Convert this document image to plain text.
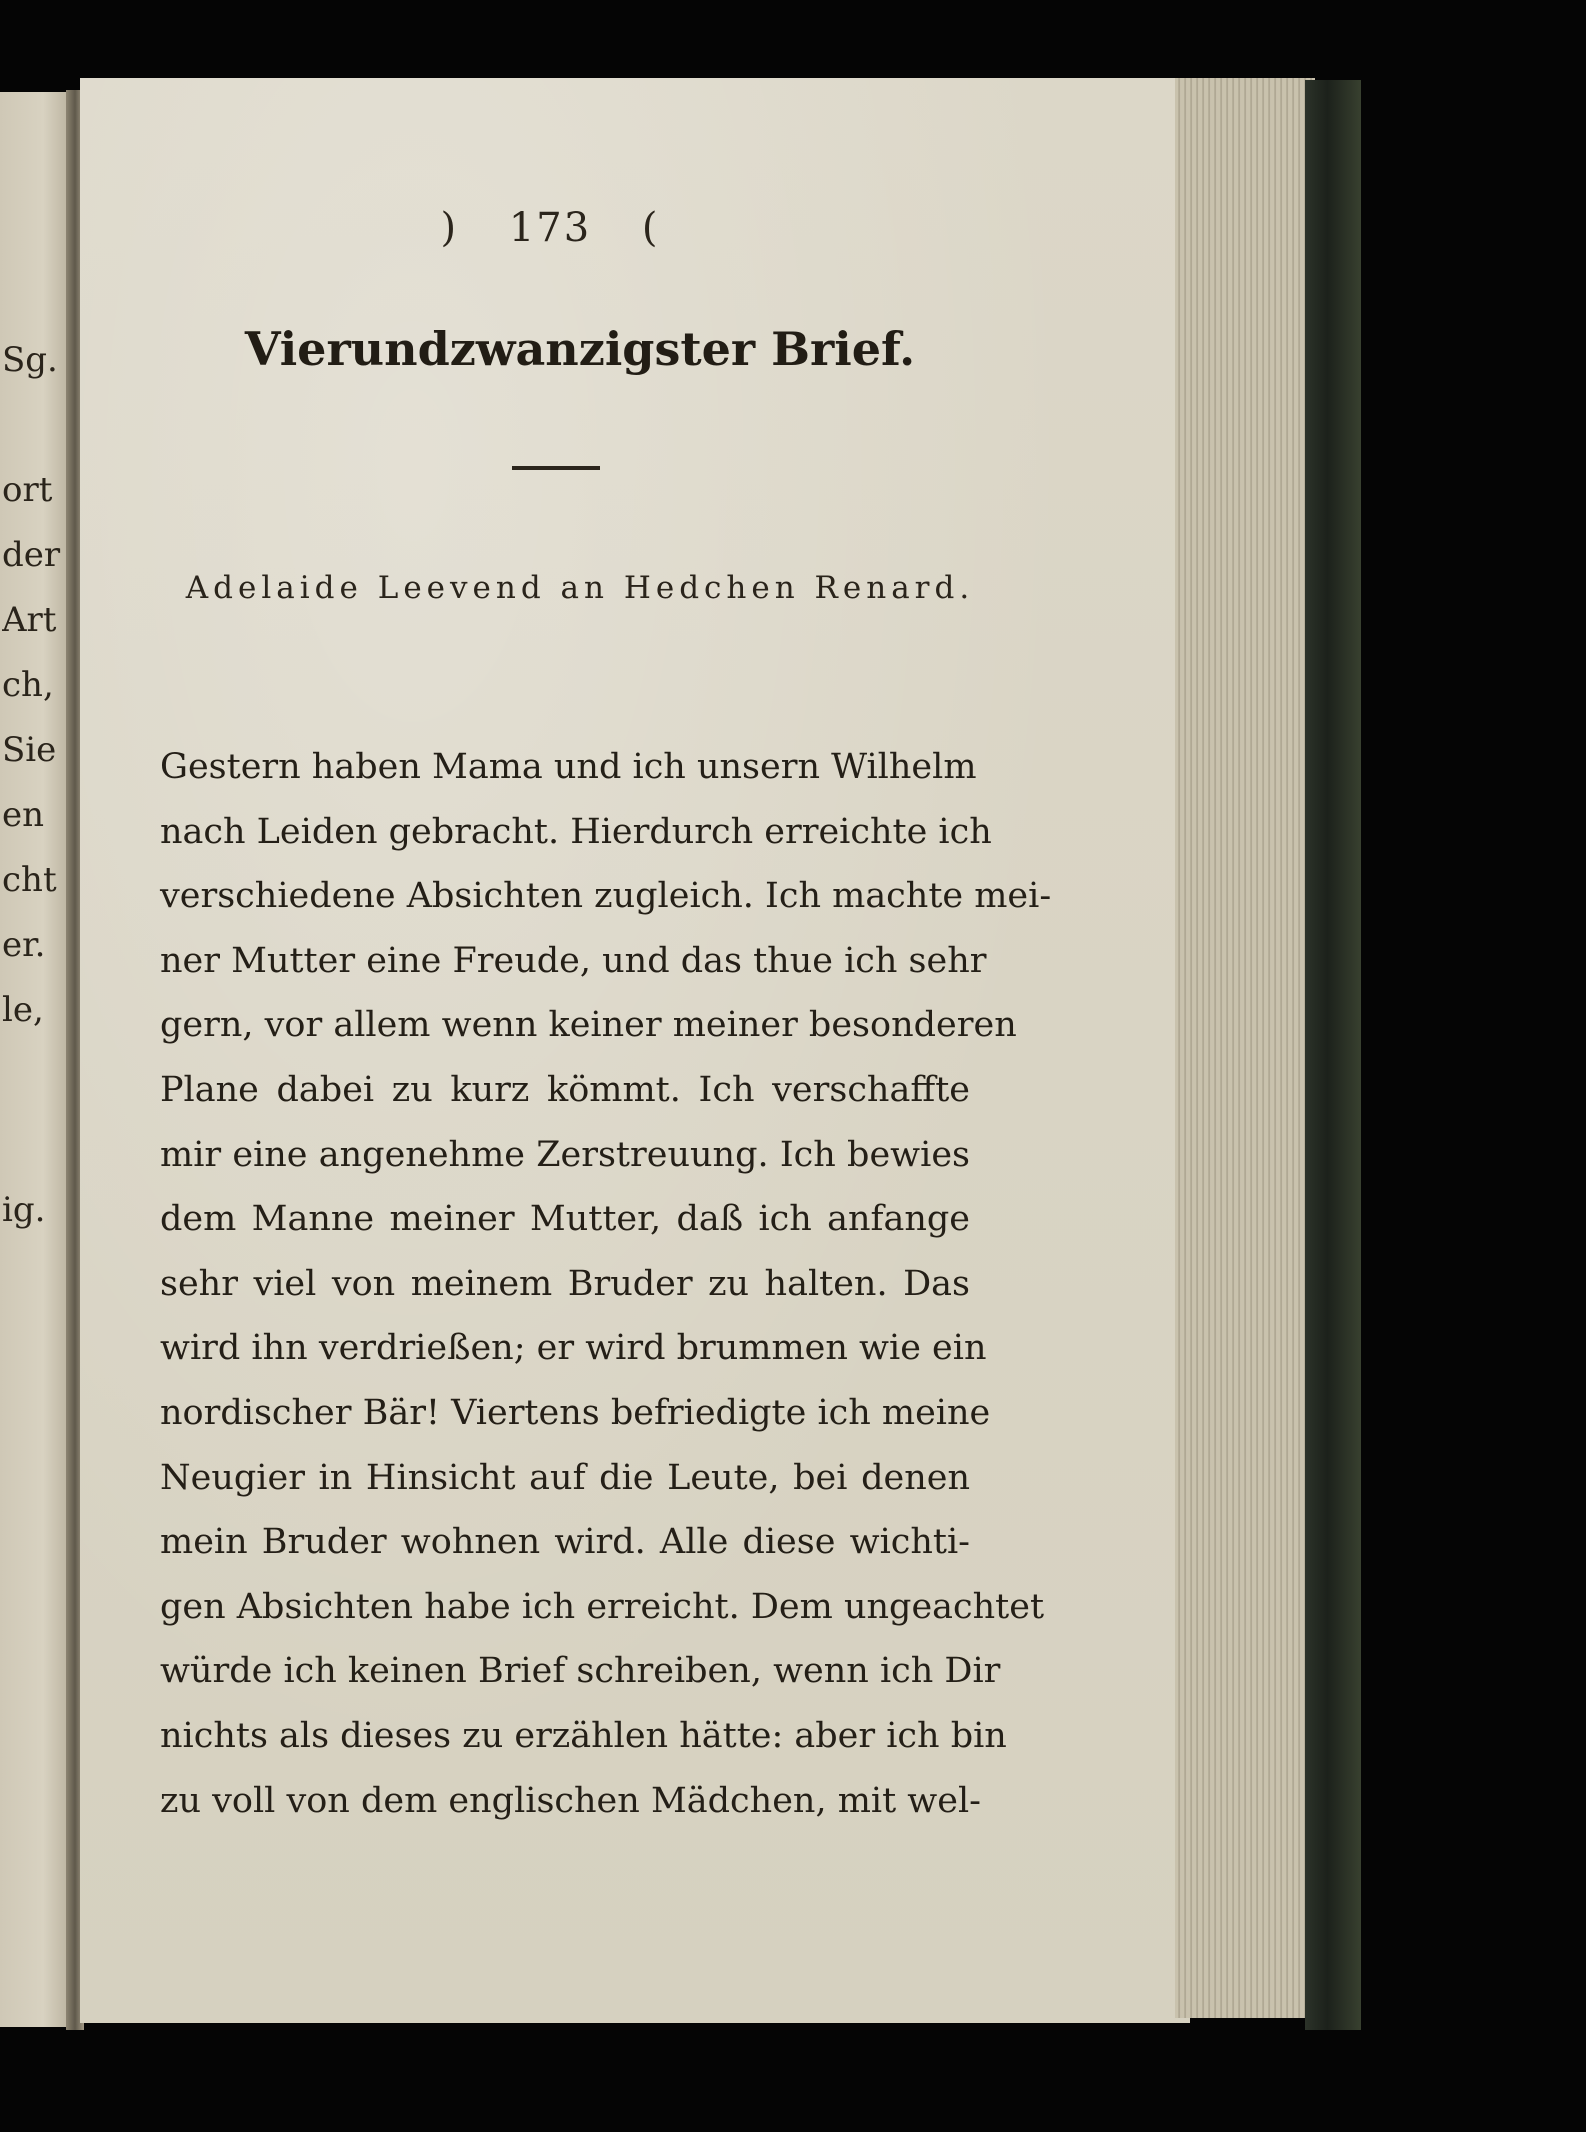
Sg.
ort
der
Art
ch,
Sie
en
cht
er.
le,
ig.
) 173 (
Vierundzwanzigster Brief.
Adelaide Leevend an Hedchen Renard.
Gestern haben Mama und ich unsern Wilhelm
nach Leiden gebracht. Hierdurch erreichte ich
verschiedene Absichten zugleich. Ich machte mei-
ner Mutter eine Freude, und das thue ich sehr
gern, vor allem wenn keiner meiner besonderen
Plane dabei zu kurz kömmt. Ich verschaffte
mir eine angenehme Zerstreuung. Ich bewies
dem Manne meiner Mutter, daß ich anfange
sehr viel von meinem Bruder zu halten. Das
wird ihn verdrießen; er wird brummen wie ein
nordischer Bär! Viertens befriedigte ich meine
Neugier in Hinsicht auf die Leute, bei denen
mein Bruder wohnen wird. Alle diese wichti-
gen Absichten habe ich erreicht. Dem ungeachtet
würde ich keinen Brief schreiben, wenn ich Dir
nichts als dieses zu erzählen hätte: aber ich bin
zu voll von dem englischen Mädchen, mit wel-
